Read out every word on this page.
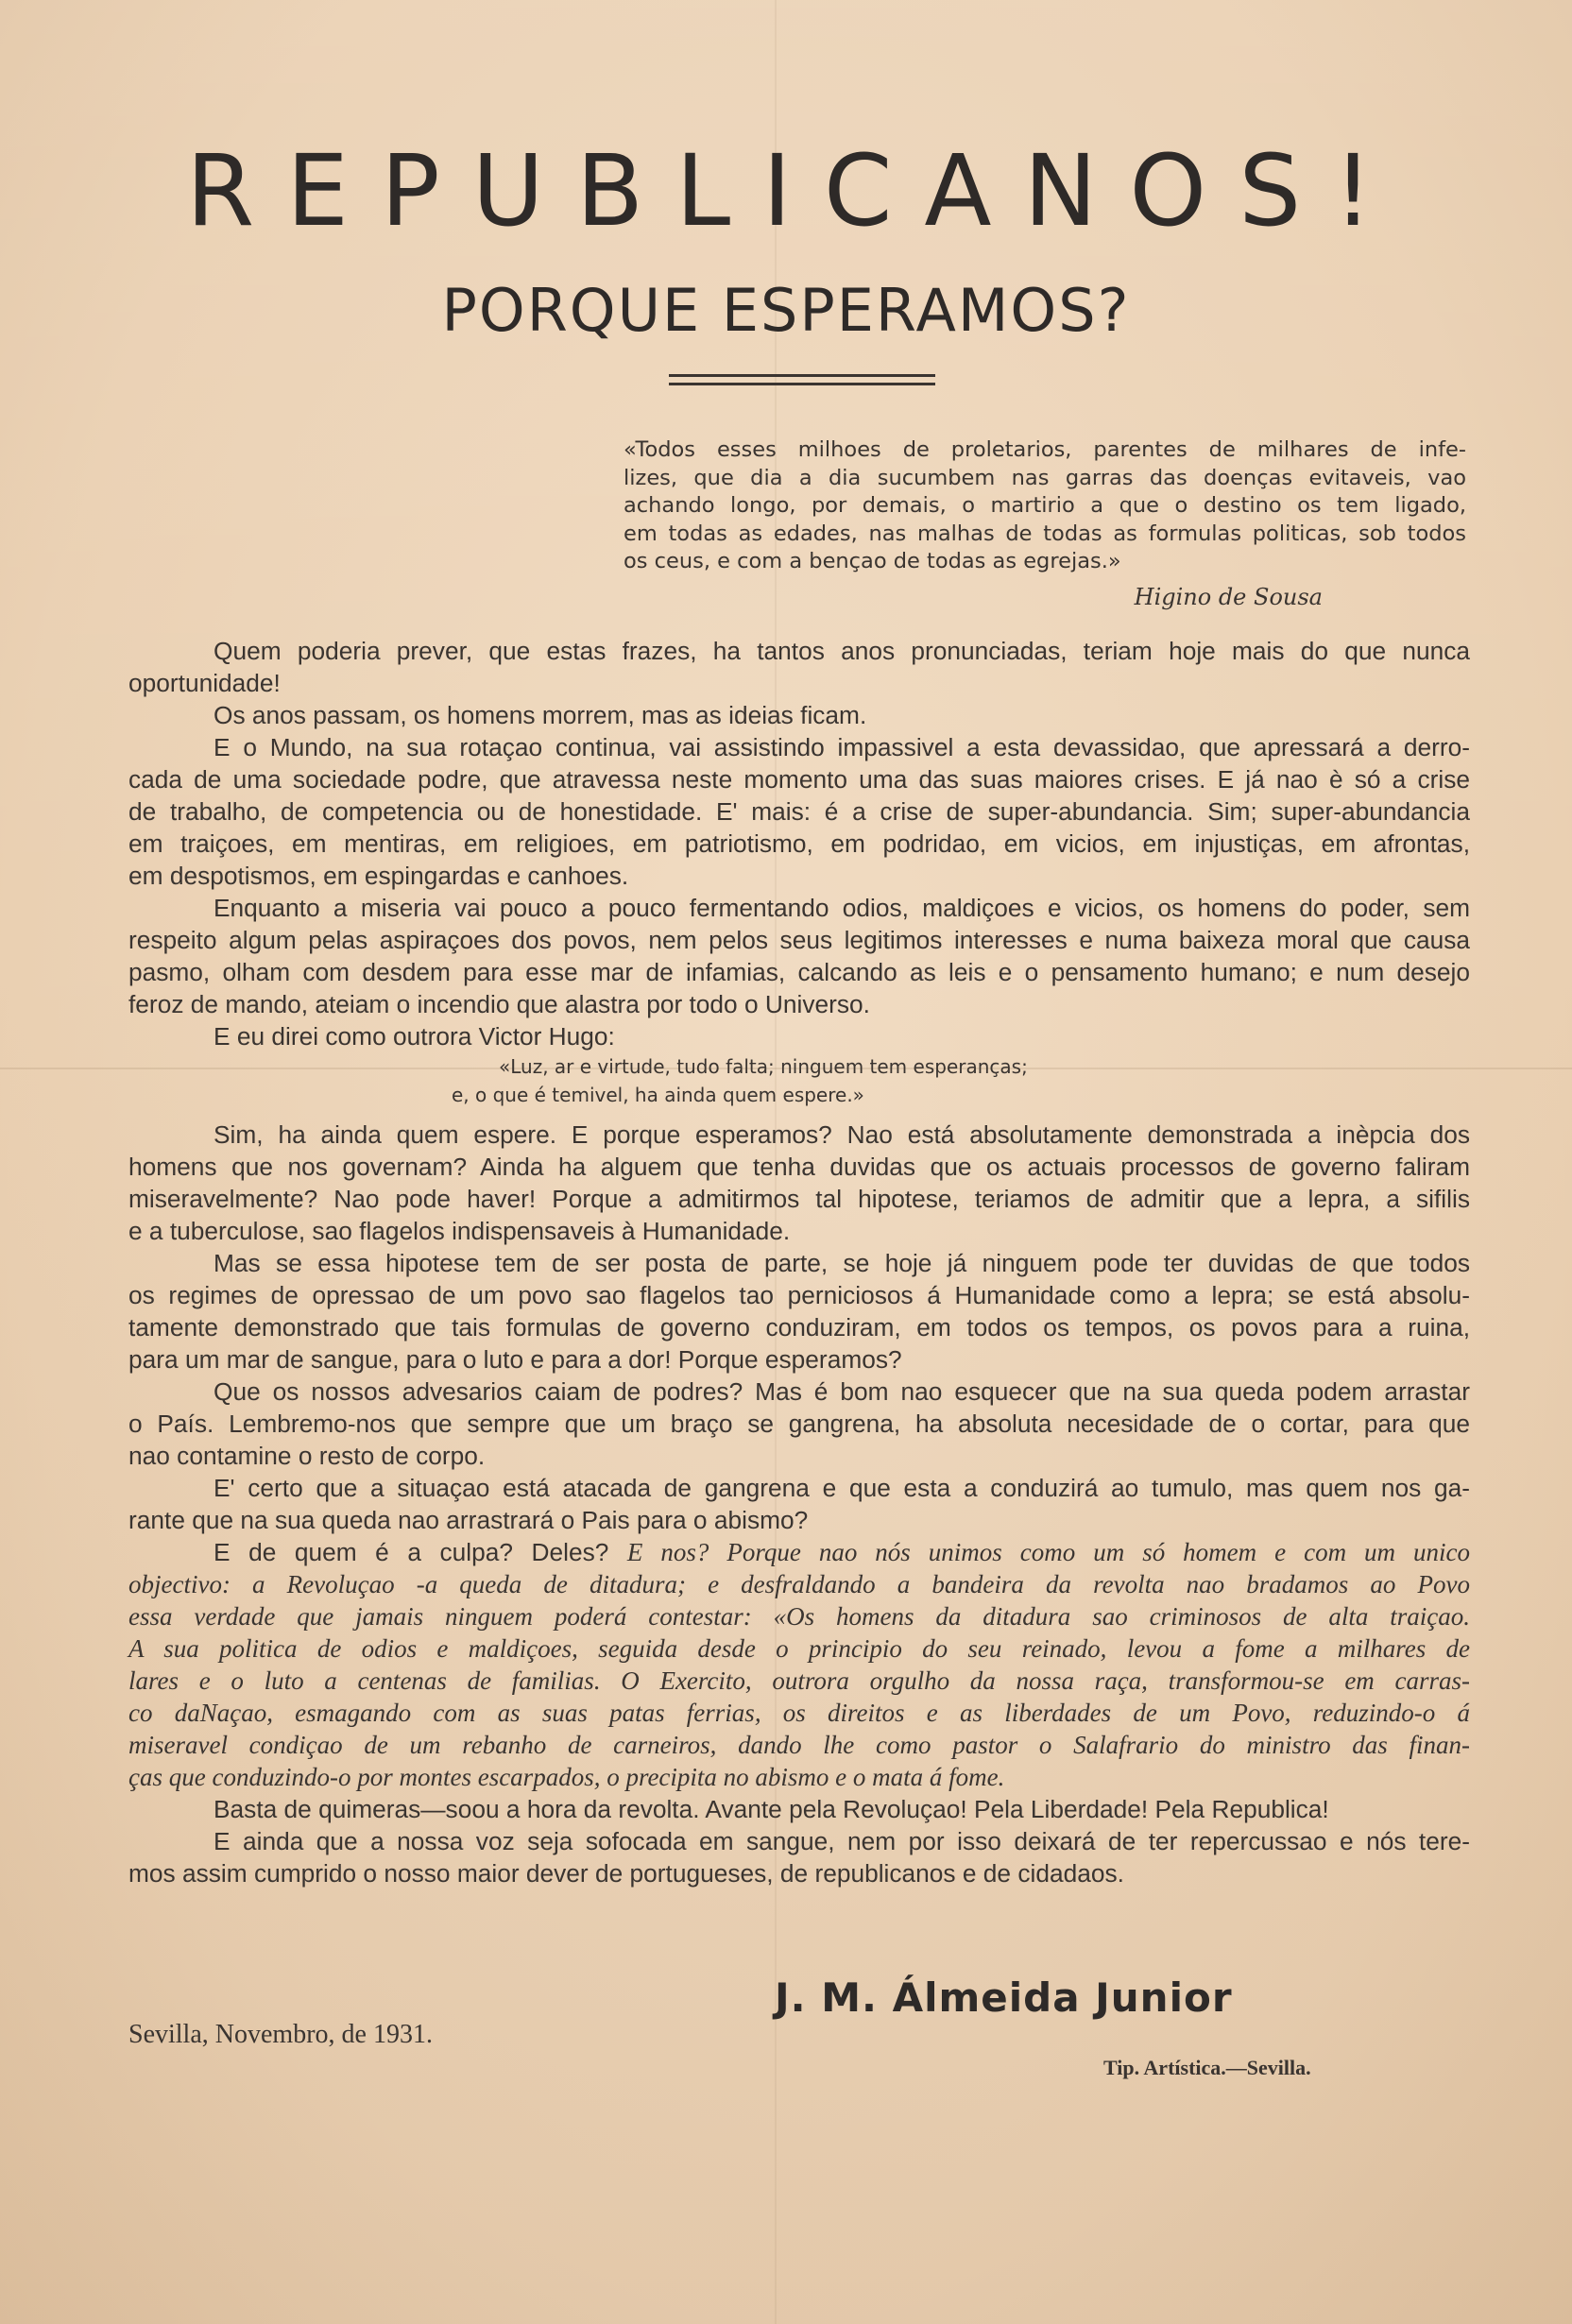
REPUBLICANOS!
PORQUE ESPERAMOS?
«Todos esses milhoes de proletarios, parentes de milhares de infe-
lizes, que dia a dia sucumbem nas garras das doenças evitaveis, vao
achando longo, por demais, o martirio a que o destino os tem ligado,
em todas as edades, nas malhas de todas as formulas politicas, sob todos
os ceus, e com a bençao de todas as egrejas.»
Higino de Sousa
Quem poderia prever, que estas frazes, ha tantos anos pronunciadas, teriam hoje mais do que nunca
oportunidade!
Os anos passam, os homens morrem, mas as ideias ficam.
E o Mundo, na sua rotaçao continua, vai assistindo impassivel a esta devassidao, que apressará a derro-
cada de uma sociedade podre, que atravessa neste momento uma das suas maiores crises. E já nao è só a crise
de trabalho, de competencia ou de honestidade. E' mais: é a crise de super-abundancia. Sim; super-abundancia
em traiçoes, em mentiras, em religioes, em patriotismo, em podridao, em vicios, em injustiças, em afrontas,
em despotismos, em espingardas e canhoes.
Enquanto a miseria vai pouco a pouco fermentando odios, maldiçoes e vicios, os homens do poder, sem
respeito algum pelas aspiraçoes dos povos, nem pelos seus legitimos interesses e numa baixeza moral que causa
pasmo, olham com desdem para esse mar de infamias, calcando as leis e o pensamento humano; e num desejo
feroz de mando, ateiam o incendio que alastra por todo o Universo.
E eu direi como outrora Victor Hugo:
«Luz, ar e virtude, tudo falta; ninguem tem esperanças;
e, o que é temivel, ha ainda quem espere.»
Sim, ha ainda quem espere. E porque esperamos? Nao está absolutamente demonstrada a inèpcia dos
homens que nos governam? Ainda ha alguem que tenha duvidas que os actuais processos de governo faliram
miseravelmente? Nao pode haver! Porque a admitirmos tal hipotese, teriamos de admitir que a lepra, a sifilis
e a tuberculose, sao flagelos indispensaveis à Humanidade.
Mas se essa hipotese tem de ser posta de parte, se hoje já ninguem pode ter duvidas de que todos
os regimes de opressao de um povo sao flagelos tao perniciosos á Humanidade como a lepra; se está absolu-
tamente demonstrado que tais formulas de governo conduziram, em todos os tempos, os povos para a ruina,
para um mar de sangue, para o luto e para a dor! Porque esperamos?
Que os nossos advesarios caiam de podres? Mas é bom nao esquecer que na sua queda podem arrastar
o País. Lembremo-nos que sempre que um braço se gangrena, ha absoluta necesidade de o cortar, para que
nao contamine o resto de corpo.
E' certo que a situaçao está atacada de gangrena e que esta a conduzirá ao tumulo, mas quem nos ga-
rante que na sua queda nao arrastrará o Pais para o abismo?
E de quem é a culpa? Deles? E nos? Porque nao nós unimos como um só homem e com um unico
objectivo: a Revoluçao -a queda de ditadura; e desfraldando a bandeira da revolta nao bradamos ao Povo
essa verdade que jamais ninguem poderá contestar: «Os homens da ditadura sao criminosos de alta traiçao.
A sua politica de odios e maldiçoes, seguida desde o principio do seu reinado, levou a fome a milhares de
lares e o luto a centenas de familias. O Exercito, outrora orgulho da nossa raça, transformou-se em carras-
co daNaçao, esmagando com as suas patas ferrias, os direitos e as liberdades de um Povo, reduzindo-o á
miseravel condiçao de um rebanho de carneiros, dando lhe como pastor o Salafrario do ministro das finan-
ças que conduzindo-o por montes escarpados, o precipita no abismo e o mata á fome.
Basta de quimeras—soou a hora da revolta. Avante pela Revoluçao! Pela Liberdade! Pela Republica!
E ainda que a nossa voz seja sofocada em sangue, nem por isso deixará de ter repercussao e nós tere-
mos assim cumprido o nosso maior dever de portugueses, de republicanos e de cidadaos.
J. M. Álmeida Junior
Sevilla, Novembro, de 1931.
Tip. Artística.—Sevilla.
